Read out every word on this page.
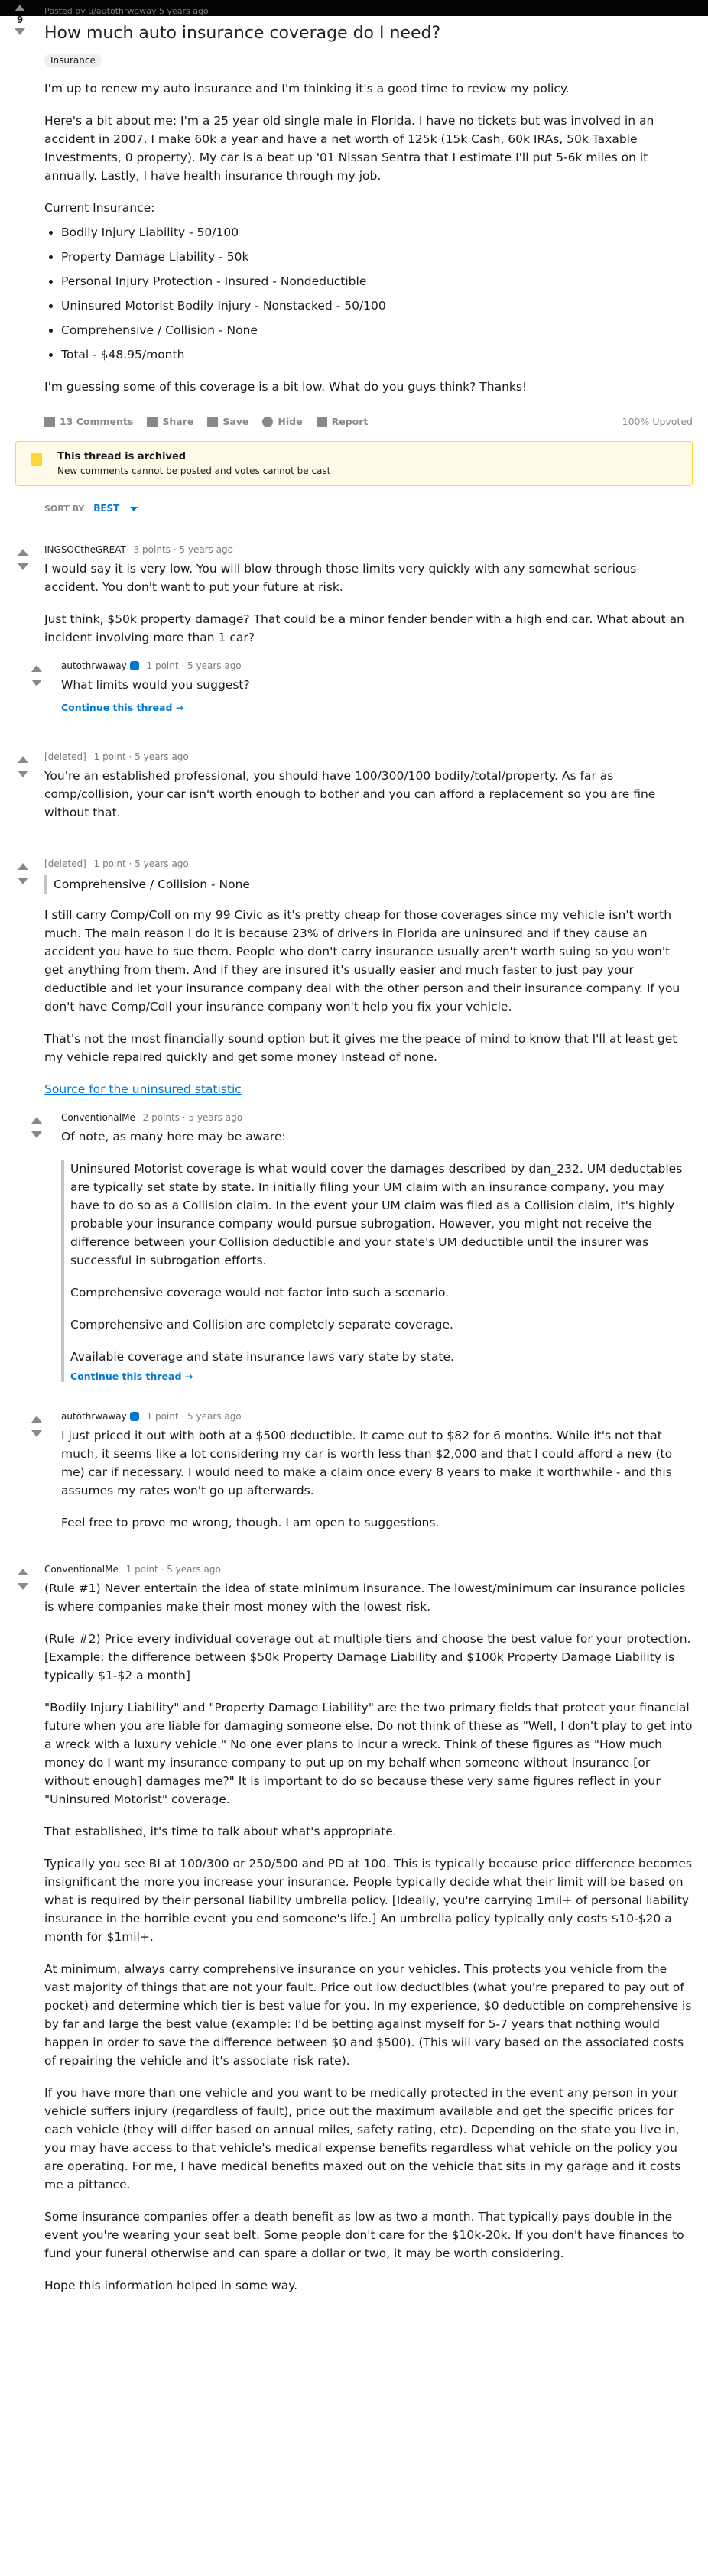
9
Posted by u/autothrwaway 5 years ago
How much auto insurance coverage do I need?
Insurance

I'm up to renew my auto insurance and I'm thinking it's a good time to review my policy.

Here's a bit about me: I'm a 25 year old single male in Florida. I have no tickets but was involved in an accident in 2007. I make 60k a year and have a net worth of 125k (15k Cash, 60k IRAs, 50k Taxable Investments, 0 property). My car is a beat up '01 Nissan Sentra that I estimate I'll put 5-6k miles on it annually. Lastly, I have health insurance through my job.

Current Insurance:

• Bodily Injury Liability - 50/100
• Property Damage Liability - 50k
• Personal Injury Protection - Insured - Nondeductible
• Uninsured Motorist Bodily Injury - Nonstacked - 50/100
• Comprehensive / Collision - None
• Total - $48.95/month

I'm guessing some of this coverage is a bit low. What do you guys think? Thanks!

13 Comments	Share	Save	Hide	Report	100% Upvoted
This thread is archived
New comments cannot be posted and votes cannot be cast
SORT BY BEST
INGSOCtheGREAT 3 points · 5 years ago

I would say it is very low. You will blow through those limits very quickly with any somewhat serious accident. You don't want to put your future at risk.

Just think, $50k property damage? That could be a minor fender bender with a high end car. What about an incident involving more than 1 car?

autothrwaway 1 point · 5 years ago

What limits would you suggest?

Continue this thread →
[deleted] 1 point · 5 years ago

You're an established professional, you should have 100/300/100 bodily/total/property. As far as comp/collision, your car isn't worth enough to bother and you can afford a replacement so you are fine without that.

[deleted] 1 point · 5 years ago

Comprehensive / Collision - None

I still carry Comp/Coll on my 99 Civic as it's pretty cheap for those coverages since my vehicle isn't worth much. The main reason I do it is because 23% of drivers in Florida are uninsured and if they cause an accident you have to sue them. People who don't carry insurance usually aren't worth suing so you won't get anything from them. And if they are insured it's usually easier and much faster to just pay your deductible and let your insurance company deal with the other person and their insurance company. If you don't have Comp/Coll your insurance company won't help you fix your vehicle.

That's not the most financially sound option but it gives me the peace of mind to know that I'll at least get my vehicle repaired quickly and get some money instead of none.

Source for the uninsured statistic

ConventionalMe 2 points · 5 years ago

Of note, as many here may be aware:

Uninsured Motorist coverage is what would cover the damages described by dan_232. UM deductables are typically set state by state. In initially filing your UM claim with an insurance company, you may have to do so as a Collision claim. In the event your UM claim was filed as a Collision claim, it's highly probable your insurance company would pursue subrogation. However, you might not receive the difference between your Collision deductible and your state's UM deductible until the insurer was successful in subrogation efforts.

Comprehensive coverage would not factor into such a scenario.

Comprehensive and Collision are completely separate coverage.

Available coverage and state insurance laws vary state by state.

Continue this thread →
autothrwaway 1 point · 5 years ago

I just priced it out with both at a $500 deductible. It came out to $82 for 6 months. While it's not that much, it seems like a lot considering my car is worth less than $2,000 and that I could afford a new (to me) car if necessary. I would need to make a claim once every 8 years to make it worthwhile - and this assumes my rates won't go up afterwards.

Feel free to prove me wrong, though. I am open to suggestions.

ConventionalMe 1 point · 5 years ago

(Rule #1) Never entertain the idea of state minimum insurance. The lowest/minimum car insurance policies is where companies make their most money with the lowest risk.

(Rule #2) Price every individual coverage out at multiple tiers and choose the best value for your protection. [Example: the difference between $50k Property Damage Liability and $100k Property Damage Liability is typically $1-$2 a month]

"Bodily Injury Liability" and "Property Damage Liability" are the two primary fields that protect your financial future when you are liable for damaging someone else. Do not think of these as "Well, I don't play to get into a wreck with a luxury vehicle." No one ever plans to incur a wreck. Think of these figures as "How much money do I want my insurance company to put up on my behalf when someone without insurance [or without enough] damages me?" It is important to do so because these very same figures reflect in your "Uninsured Motorist" coverage.

That established, it's time to talk about what's appropriate.

Typically you see BI at 100/300 or 250/500 and PD at 100. This is typically because price difference becomes insignificant the more you increase your insurance. People typically decide what their limit will be based on what is required by their personal liability umbrella policy. [Ideally, you're carrying 1mil+ of personal liability insurance in the horrible event you end someone's life.] An umbrella policy typically only costs $10-$20 a month for $1mil+.

At minimum, always carry comprehensive insurance on your vehicles. This protects you vehicle from the vast majority of things that are not your fault. Price out low deductibles (what you're prepared to pay out of pocket) and determine which tier is best value for you. In my experience, $0 deductible on comprehensive is by far and large the best value (example: I'd be betting against myself for 5-7 years that nothing would happen in order to save the difference between $0 and $500). (This will vary based on the associated costs of repairing the vehicle and it's associate risk rate).

If you have more than one vehicle and you want to be medically protected in the event any person in your vehicle suffers injury (regardless of fault), price out the maximum available and get the specific prices for each vehicle (they will differ based on annual miles, safety rating, etc). Depending on the state you live in, you may have access to that vehicle's medical expense benefits regardless what vehicle on the policy you are operating. For me, I have medical benefits maxed out on the vehicle that sits in my garage and it costs me a pittance.

Some insurance companies offer a death benefit as low as two a month. That typically pays double in the event you're wearing your seat belt. Some people don't care for the $10k-20k. If you don't have finances to fund your funeral otherwise and can spare a dollar or two, it may be worth considering.

Hope this information helped in some way.
